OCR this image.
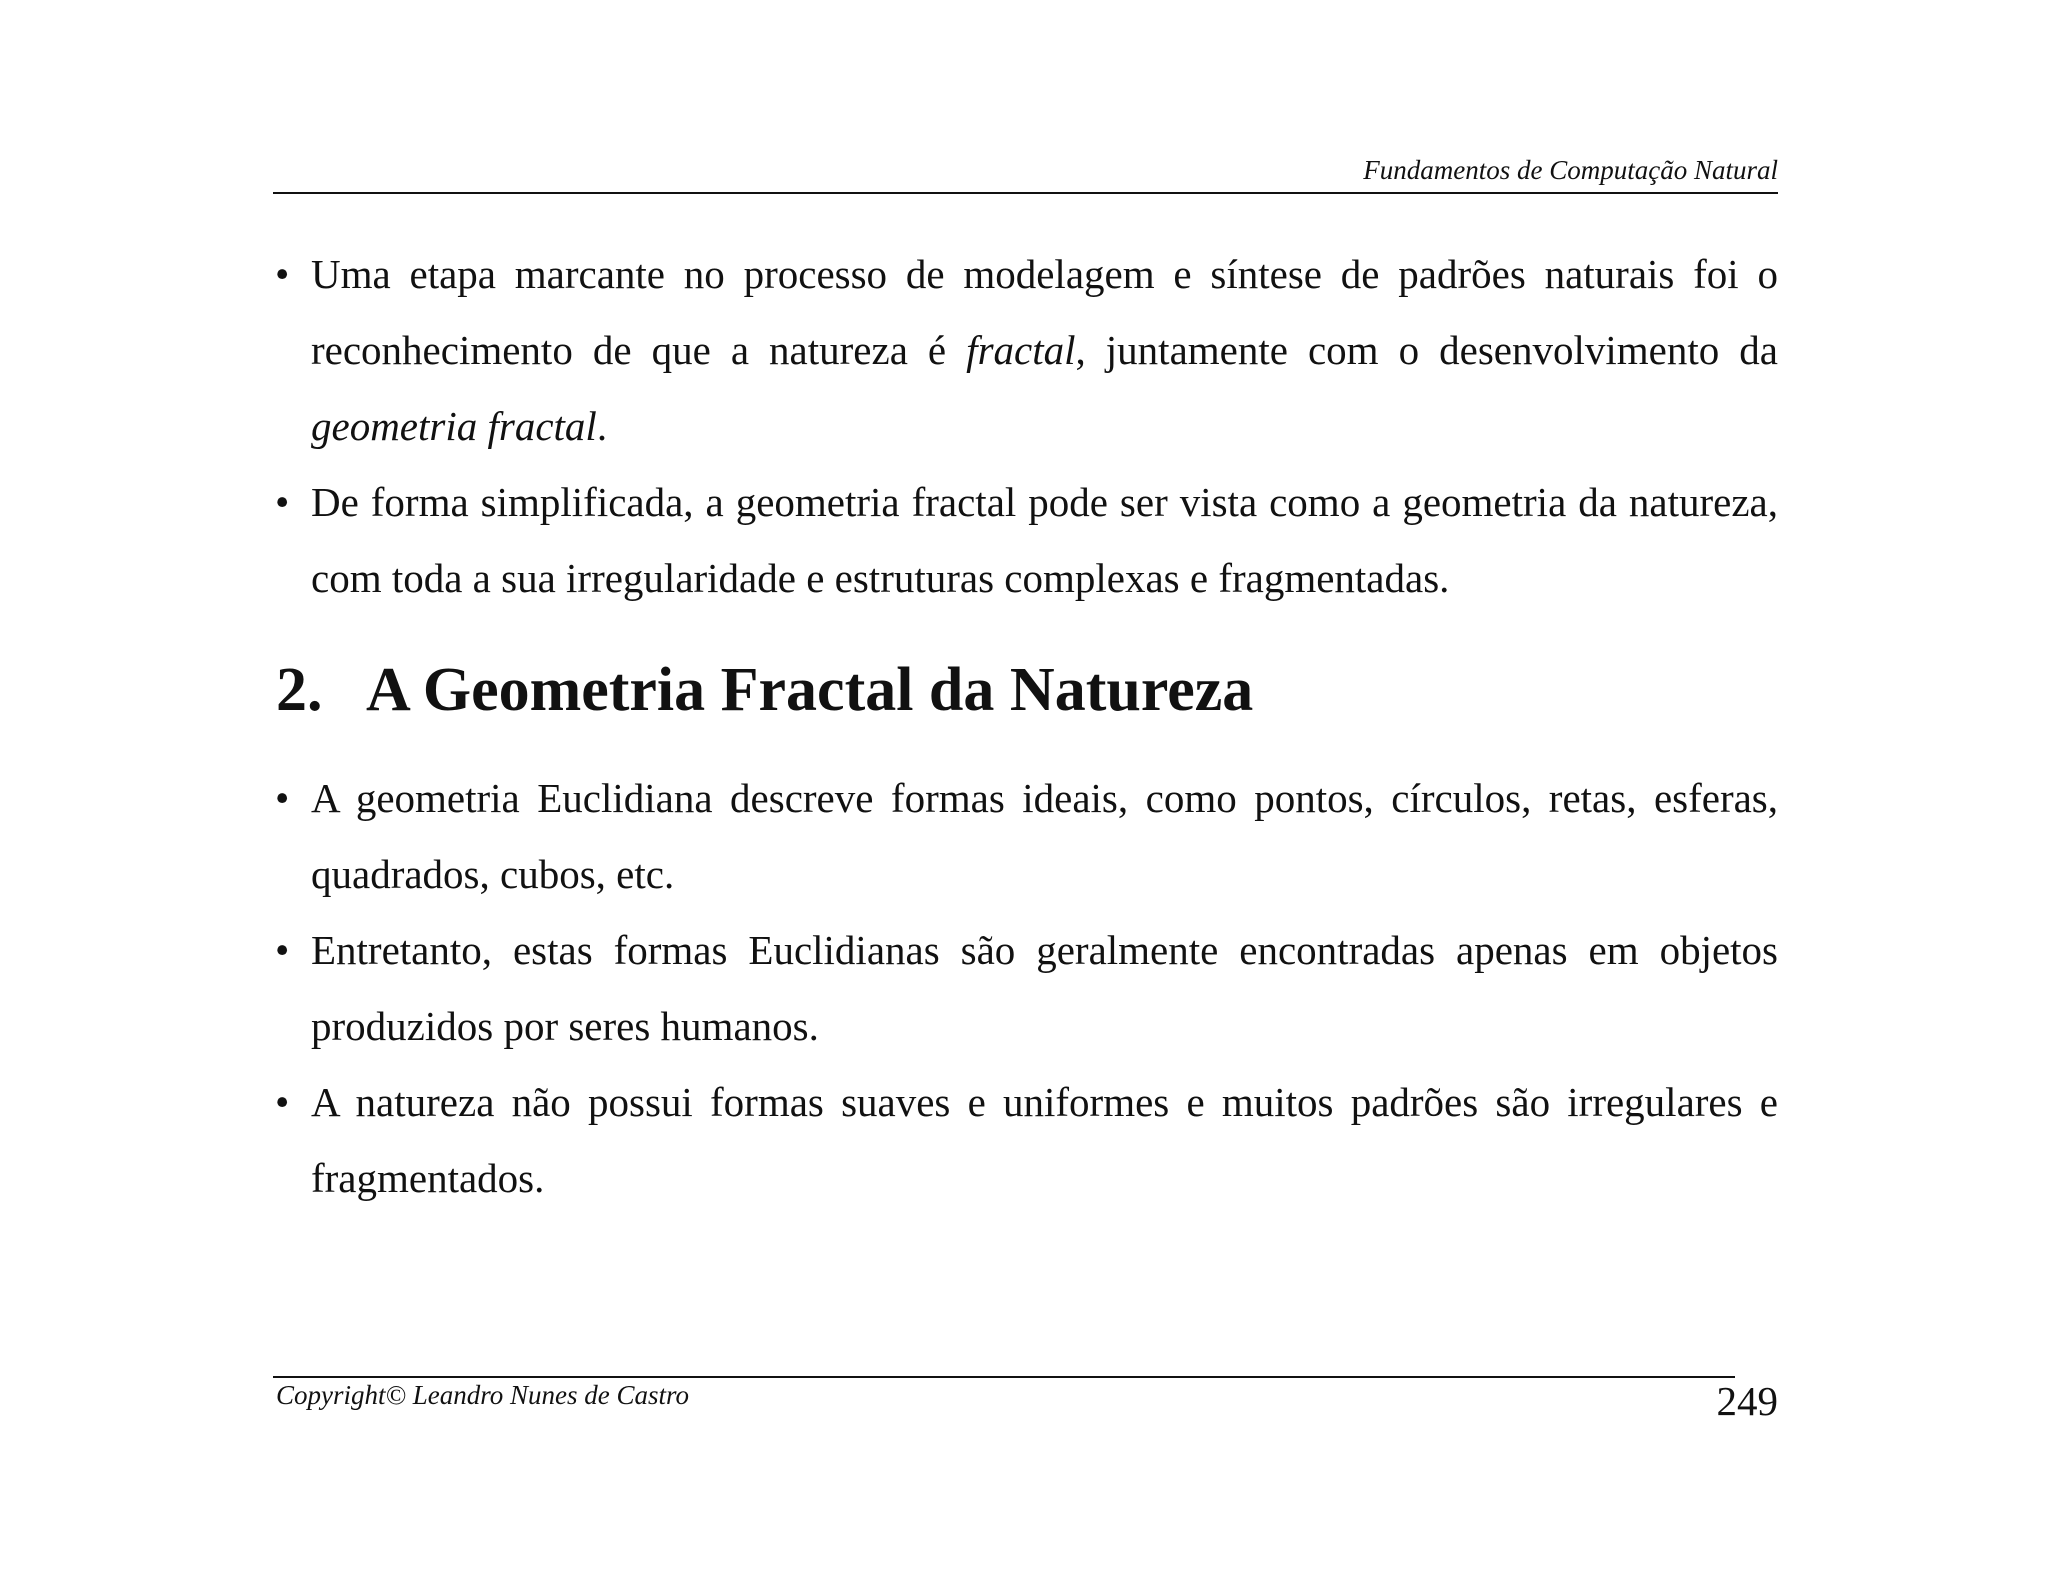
Fundamentos de Computação Natural
• Uma etapa marcante no processo de modelagem e síntese de padrões naturais foi o reconhecimento de que a natureza é fractal, juntamente com o desenvolvimento da geometria fractal.
• De forma simplificada, a geometria fractal pode ser vista como a geometria da natureza, com toda a sua irregularidade e estruturas complexas e fragmentadas.
2. A Geometria Fractal da Natureza
• A geometria Euclidiana descreve formas ideais, como pontos, círculos, retas, esferas, quadrados, cubos, etc.
• Entretanto, estas formas Euclidianas são geralmente encontradas apenas em objetos produzidos por seres humanos.
• A natureza não possui formas suaves e uniformes e muitos padrões são irregulares e fragmentados.
Copyright© Leandro Nunes de Castro	249
